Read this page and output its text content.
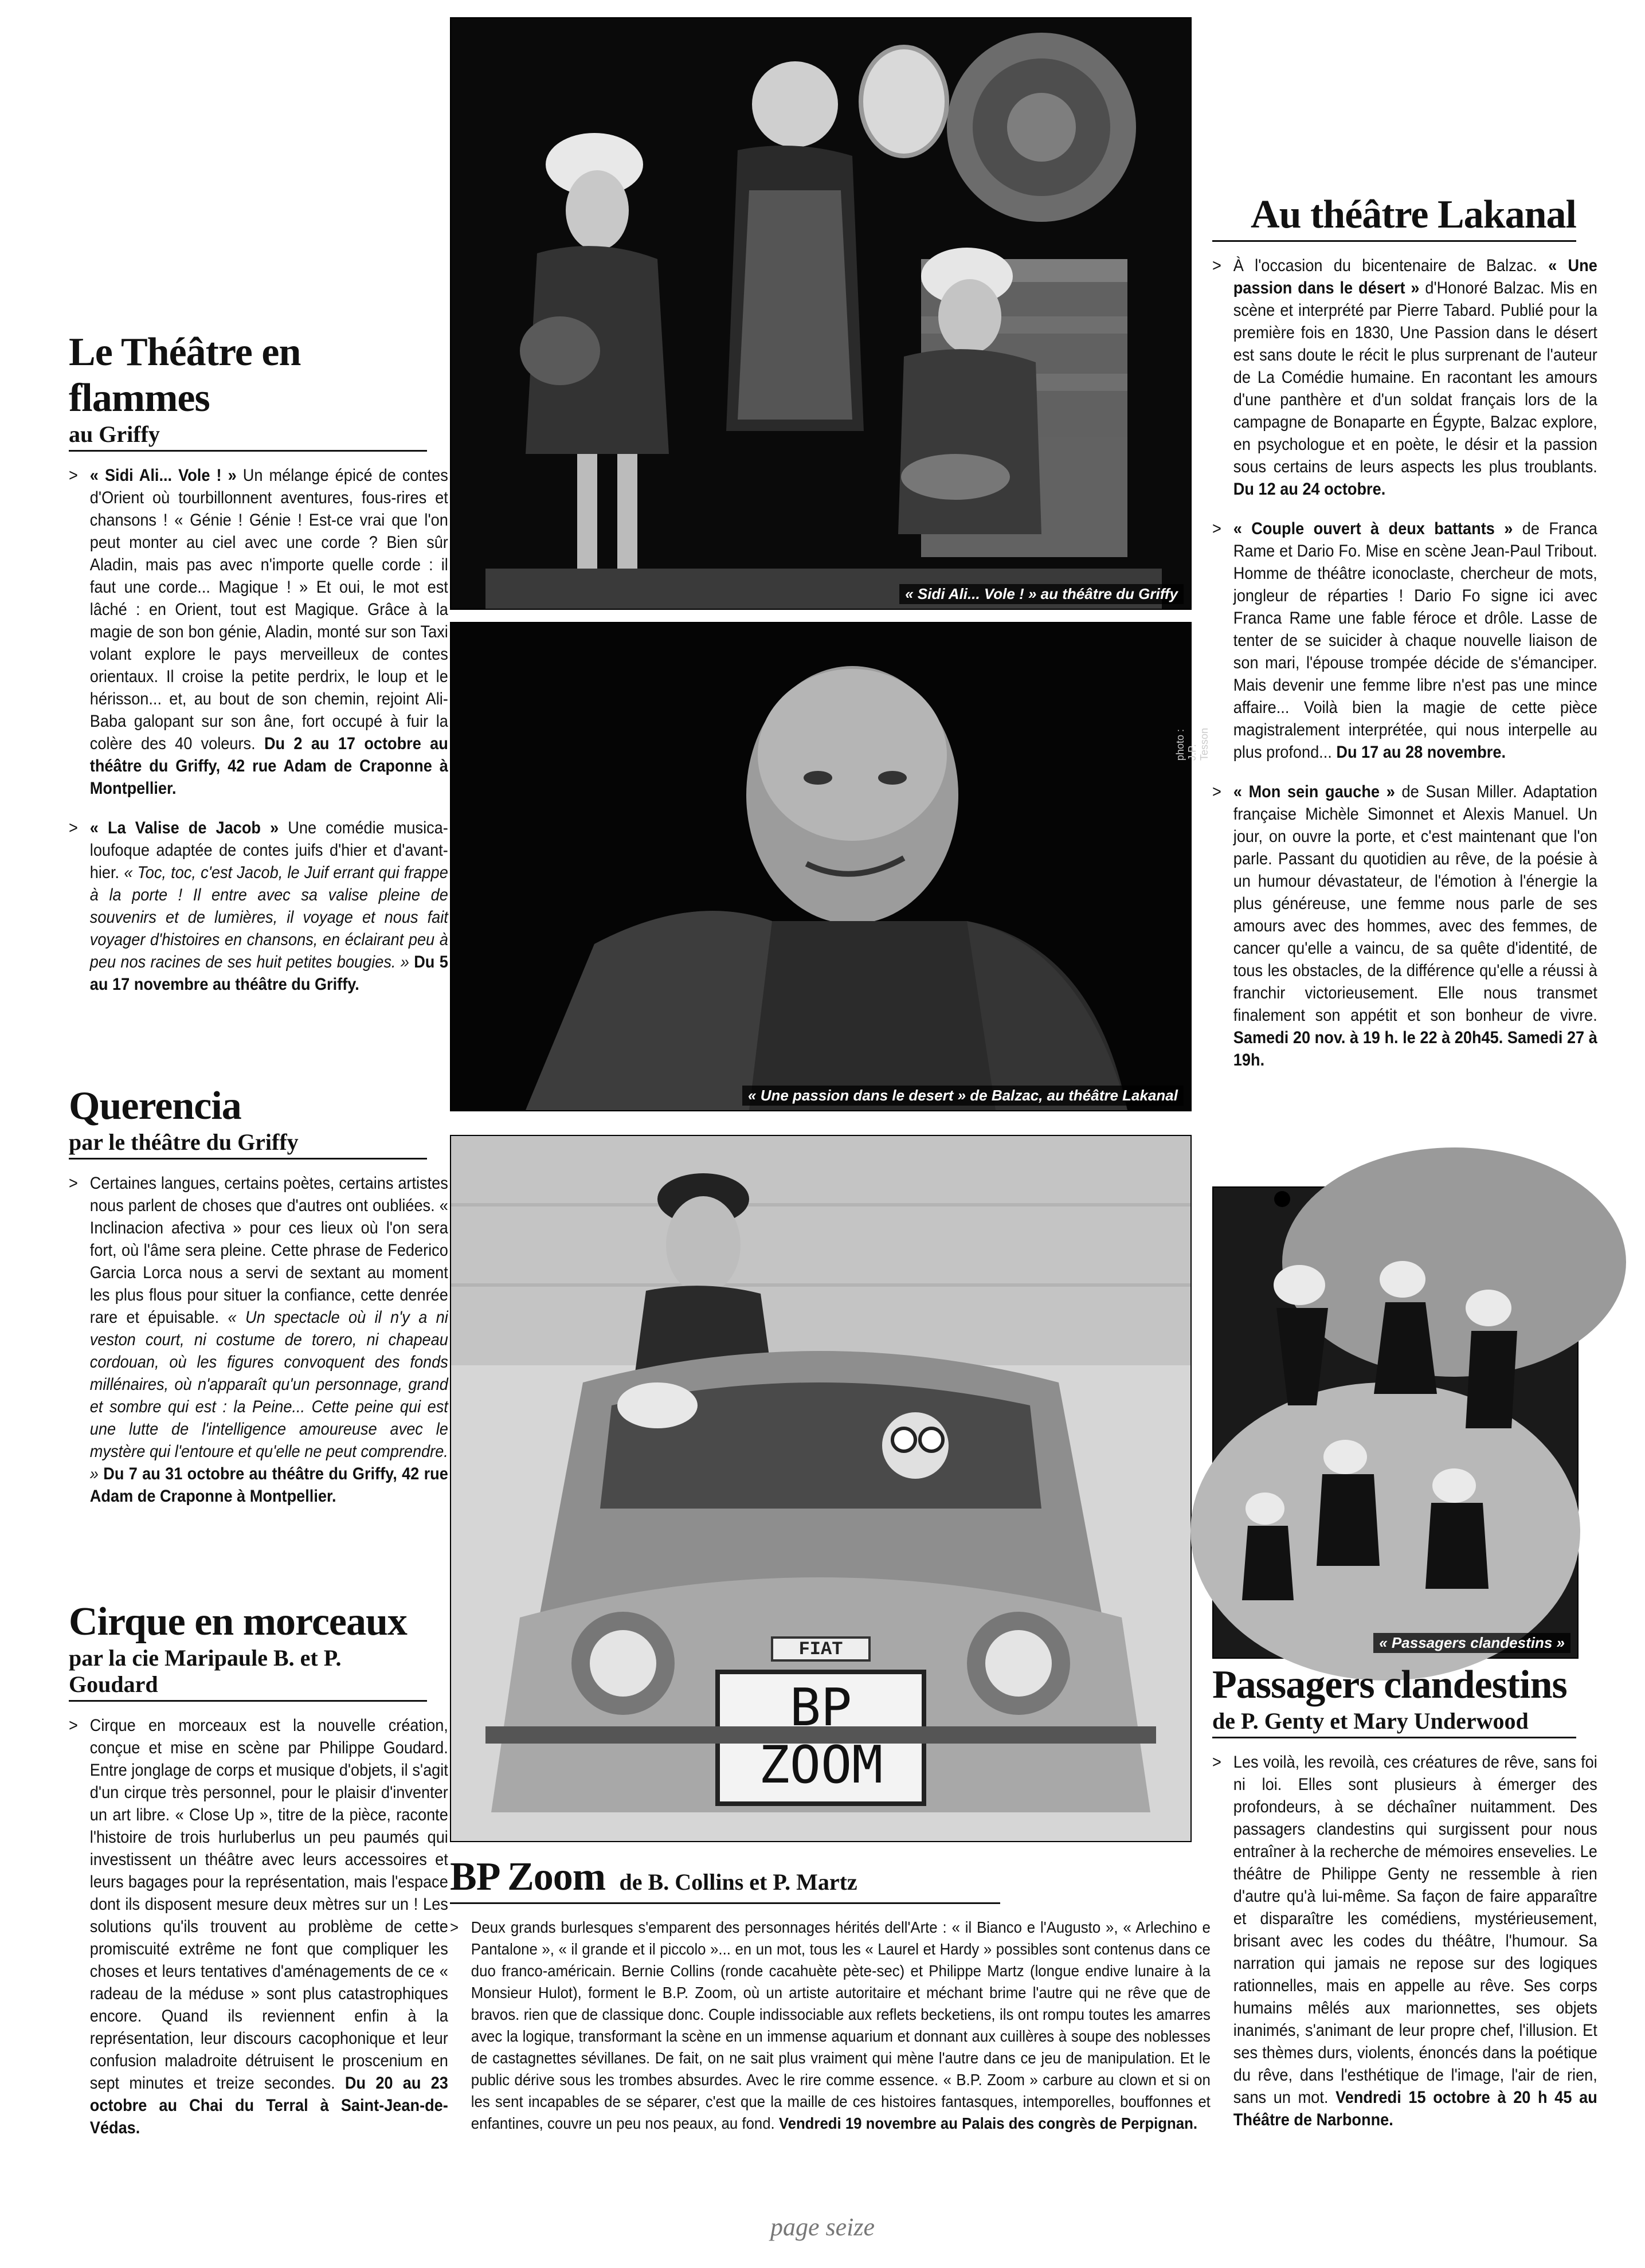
Le Théâtre en flammes
au Griffy

> « Sidi Ali... Vole ! » Un mélange épicé de contes d'Orient où tourbillonnent aventures, fous-rires et chansons ! « Génie ! Génie ! Est-ce vrai que l'on peut monter au ciel avec une corde ? Bien sûr Aladin, mais pas avec n'importe quelle corde : il faut une corde... Magique ! » Et oui, le mot est lâché : en Orient, tout est Magique. Grâce à la magie de son bon génie, Aladin, monté sur son Taxi volant explore le pays merveilleux de contes orientaux. Il croise la petite perdrix, le loup et le hérisson... et, au bout de son chemin, rejoint Ali-Baba galopant sur son âne, fort occupé à fuir la colère des 40 voleurs. Du 2 au 17 octobre au théâtre du Griffy, 42 rue Adam de Craponne à Montpellier.

> « La Valise de Jacob » Une comédie musica-loufoque adaptée de contes juifs d'hier et d'avant-hier. « Toc, toc, c'est Jacob, le Juif errant qui frappe à la porte ! Il entre avec sa valise pleine de souvenirs et de lumières, il voyage et nous fait voyager d'histoires en chansons, en éclairant peu à peu nos racines de ses huit petites bougies. » Du 5 au 17 novembre au théâtre du Griffy.

Querencia
par le théâtre du Griffy

> Certaines langues, certains poètes, certains artistes nous parlent de choses que d'autres ont oubliées. « Inclinacion afectiva » pour ces lieux où l'on sera fort, où l'âme sera pleine. Cette phrase de Federico Garcia Lorca nous a servi de sextant au moment les plus flous pour situer la confiance, cette denrée rare et épuisable. « Un spectacle où il n'y a ni veston court, ni costume de torero, ni chapeau cordouan, où les figures convoquent des fonds millénaires, où n'apparaît qu'un personnage, grand et sombre qui est : la Peine... Cette peine qui est une lutte de l'intelligence amoureuse avec le mystère qui l'entoure et qu'elle ne peut comprendre. » Du 7 au 31 octobre au théâtre du Griffy, 42 rue Adam de Craponne à Montpellier.

Cirque en morceaux
par la cie Maripaule B. et P. Goudard

> Cirque en morceaux est la nouvelle création, conçue et mise en scène par Philippe Goudard. Entre jonglage de corps et musique d'objets, il s'agit d'un cirque très personnel, pour le plaisir d'inventer un art libre. « Close Up », titre de la pièce, raconte l'histoire de trois hurluberlus un peu paumés qui investissent un théâtre avec leurs accessoires et leurs bagages pour la représentation, mais l'espace dont ils disposent mesure deux mètres sur un ! Les solutions qu'ils trouvent au problème de cette promiscuité extrême ne font que compliquer les choses et leurs tentatives d'aménagements de ce « radeau de la méduse » sont plus catastrophiques encore. Quand ils reviennent enfin à la représentation, leur discours cacophonique et leur confusion maladroite détruisent le proscenium en sept minutes et treize secondes. Du 20 au 23 octobre au Chai du Terral à Saint-Jean-de-Védas.

« Sidi Ali... Vole ! » au théâtre du Griffy
photo : J.P. Tesson
« Une passion dans le desert » de Balzac, au théâtre Lakanal
FIAT
BP
ZOOM
BP Zoom de B. Collins et P. Martz

> Deux grands burlesques s'emparent des personnages hérités dell'Arte : « il Bianco e l'Augusto », « Arlechino e Pantalone », « il grande et il piccolo »... en un mot, tous les « Laurel et Hardy » possibles sont contenus dans ce duo franco-américain. Bernie Collins (ronde cacahuète pète-sec) et Philippe Martz (longue endive lunaire à la Monsieur Hulot), forment le B.P. Zoom, où un artiste autoritaire et méchant brime l'autre qui ne rêve que de bravos. rien que de classique donc. Couple indissociable aux reflets becketiens, ils ont rompu toutes les amarres avec la logique, transformant la scène en un immense aquarium et donnant aux cuillères à soupe des noblesses de castagnettes sévillanes. De fait, on ne sait plus vraiment qui mène l'autre dans ce jeu de manipulation. Et le public dérive sous les trombes absurdes. Avec le rire comme essence. « B.P. Zoom » carbure au clown et si on les sent incapables de se séparer, c'est que la maille de ces histoires fantasques, intemporelles, bouffonnes et enfantines, couvre un peu nos peaux, au fond. Vendredi 19 novembre au Palais des congrès de Perpignan.

Au théâtre Lakanal

> À l'occasion du bicentenaire de Balzac. « Une passion dans le désert » d'Honoré Balzac. Mis en scène et interprété par Pierre Tabard. Publié pour la première fois en 1830, Une Passion dans le désert est sans doute le récit le plus surprenant de l'auteur de La Comédie humaine. En racontant les amours d'une panthère et d'un soldat français lors de la campagne de Bonaparte en Égypte, Balzac explore, en psychologue et en poète, le désir et la passion sous certains de leurs aspects les plus troublants. Du 12 au 24 octobre.

> « Couple ouvert à deux battants » de Franca Rame et Dario Fo. Mise en scène Jean-Paul Tribout. Homme de théâtre iconoclaste, chercheur de mots, jongleur de réparties ! Dario Fo signe ici avec Franca Rame une fable féroce et drôle. Lasse de tenter de se suicider à chaque nouvelle liaison de son mari, l'épouse trompée décide de s'émanciper. Mais devenir une femme libre n'est pas une mince affaire... Voilà bien la magie de cette pièce magistralement interprétée, qui nous interpelle au plus profond... Du 17 au 28 novembre.

> « Mon sein gauche » de Susan Miller. Adaptation française Michèle Simonnet et Alexis Manuel. Un jour, on ouvre la porte, et c'est maintenant que l'on parle. Passant du quotidien au rêve, de la poésie à un humour dévastateur, de l'émotion à l'énergie la plus généreuse, une femme nous parle de ses amours avec des hommes, avec des femmes, de cancer qu'elle a vaincu, de sa quête d'identité, de tous les obstacles, de la différence qu'elle a réussi à franchir victorieusement. Elle nous transmet finalement son appétit et son bonheur de vivre. Samedi 20 nov. à 19 h. le 22 à 20h45. Samedi 27 à 19h.

« Passagers clandestins »
Passagers clandestins
de P. Genty et Mary Underwood

> Les voilà, les revoilà, ces créatures de rêve, sans foi ni loi. Elles sont plusieurs à émerger des profondeurs, à se déchaîner nuitamment. Des passagers clandestins qui surgissent pour nous entraîner à la recherche de mémoires ensevelies. Le théâtre de Philippe Genty ne ressemble à rien d'autre qu'à lui-même. Sa façon de faire apparaître et disparaître les comédiens, mystérieusement, brisant avec les codes du théâtre, l'humour. Sa narration qui jamais ne repose sur des logiques rationnelles, mais en appelle au rêve. Ses corps humains mêlés aux marionnettes, ses objets inanimés, s'animant de leur propre chef, l'illusion. Et ses thèmes durs, violents, énoncés dans la poétique du rêve, dans l'esthétique de l'image, l'air de rien, sans un mot. Vendredi 15 octobre à 20 h 45 au Théâtre de Narbonne.

page seize
